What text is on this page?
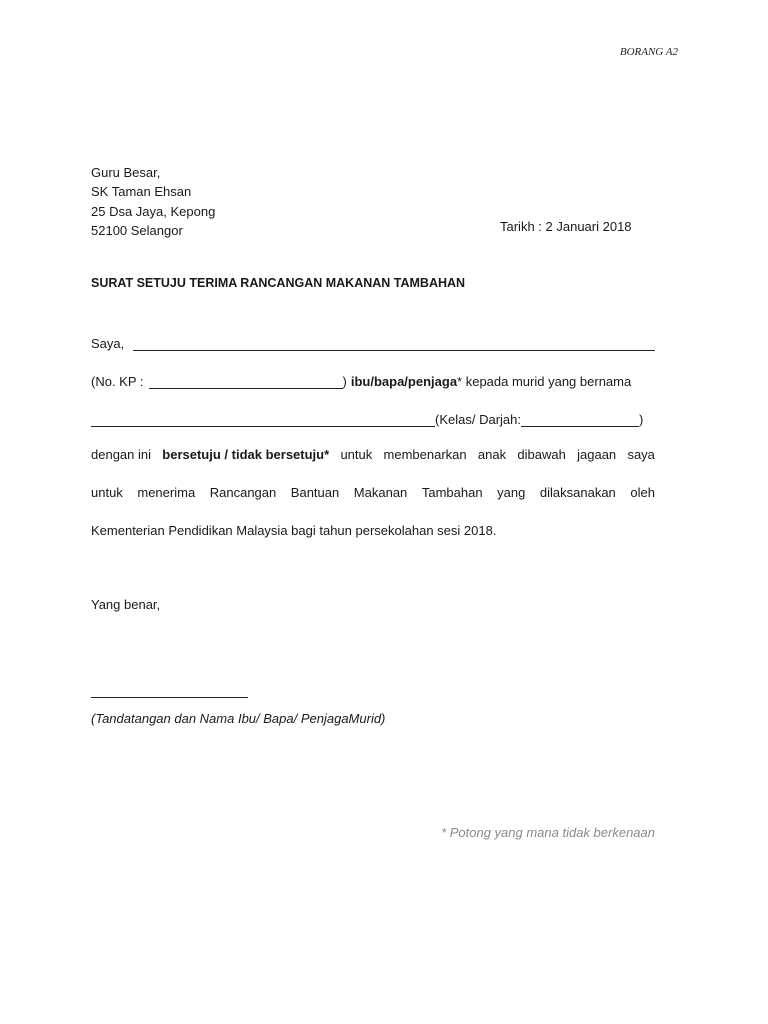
BORANG A2
Guru Besar,
SK Taman Ehsan
25 Dsa Jaya, Kepong
52100 Selangor	Tarikh : 2 Januari 2018
SURAT SETUJU TERIMA RANCANGAN MAKANAN TAMBAHAN
Saya,
(No. KP :	) ibu/bapa/penjaga * kepada murid yang bernama
(Kelas/ Darjah:	)
dengan ini bersetuju / tidak bersetuju* untuk membenarkan anak dibawah jagaan saya
untuk menerima Rancangan Bantuan Makanan Tambahan yang dilaksanakan oleh
Kementerian Pendidikan Malaysia bagi tahun persekolahan sesi 2018.
Yang benar,
(Tandatangan dan Nama Ibu/ Bapa/ PenjagaMurid)
* Potong yang mana tidak berkenaan
